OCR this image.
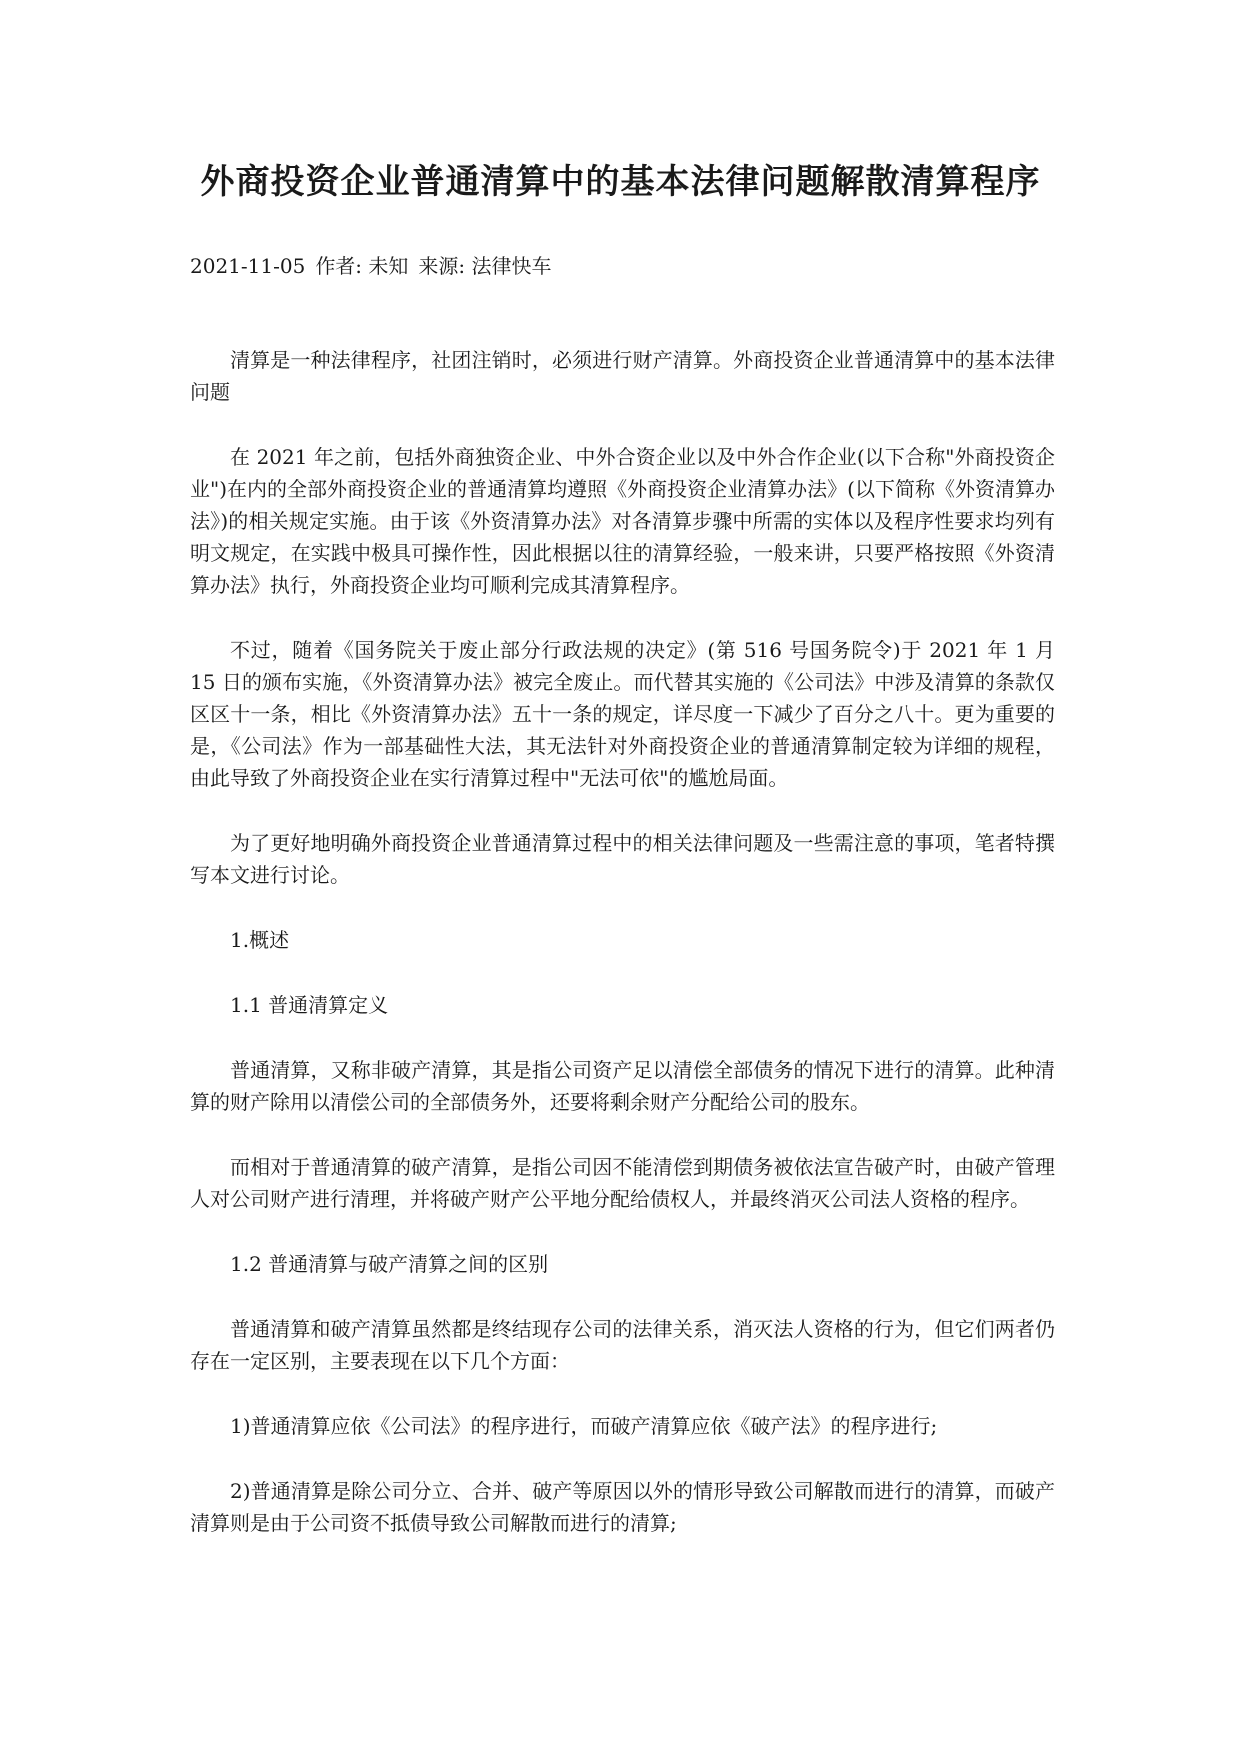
外商投资企业普通清算中的基本法律问题解散清算程序

2021-11-05 作者: 未知 来源: 法律快车

清算是一种法律程序，社团注销时，必须进行财产清算。外商投资企业普通清算中的基本法律问题

在 2021 年之前，包括外商独资企业、中外合资企业以及中外合作企业(以下合称"外商投资企业")在内的全部外商投资企业的普通清算均遵照《外商投资企业清算办法》(以下简称《外资清算办法》)的相关规定实施。由于该《外资清算办法》对各清算步骤中所需的实体以及程序性要求均列有明文规定，在实践中极具可操作性，因此根据以往的清算经验，一般来讲，只要严格按照《外资清算办法》执行，外商投资企业均可顺利完成其清算程序。

不过，随着《国务院关于废止部分行政法规的决定》(第 516 号国务院令)于 2021 年 1 月 15 日的颁布实施，《外资清算办法》被完全废止。而代替其实施的《公司法》中涉及清算的条款仅区区十一条，相比《外资清算办法》五十一条的规定，详尽度一下减少了百分之八十。更为重要的是，《公司法》作为一部基础性大法，其无法针对外商投资企业的普通清算制定较为详细的规程，由此导致了外商投资企业在实行清算过程中"无法可依"的尴尬局面。

为了更好地明确外商投资企业普通清算过程中的相关法律问题及一些需注意的事项，笔者特撰写本文进行讨论。

1.概述

1.1 普通清算定义

普通清算，又称非破产清算，其是指公司资产足以清偿全部债务的情况下进行的清算。此种清算的财产除用以清偿公司的全部债务外，还要将剩余财产分配给公司的股东。

而相对于普通清算的破产清算，是指公司因不能清偿到期债务被依法宣告破产时，由破产管理人对公司财产进行清理，并将破产财产公平地分配给债权人，并最终消灭公司法人资格的程序。

1.2 普通清算与破产清算之间的区别

普通清算和破产清算虽然都是终结现存公司的法律关系，消灭法人资格的行为，但它们两者仍存在一定区别，主要表现在以下几个方面：

1)普通清算应依《公司法》的程序进行，而破产清算应依《破产法》的程序进行;

2)普通清算是除公司分立、合并、破产等原因以外的情形导致公司解散而进行的清算，而破产清算则是由于公司资不抵债导致公司解散而进行的清算;
